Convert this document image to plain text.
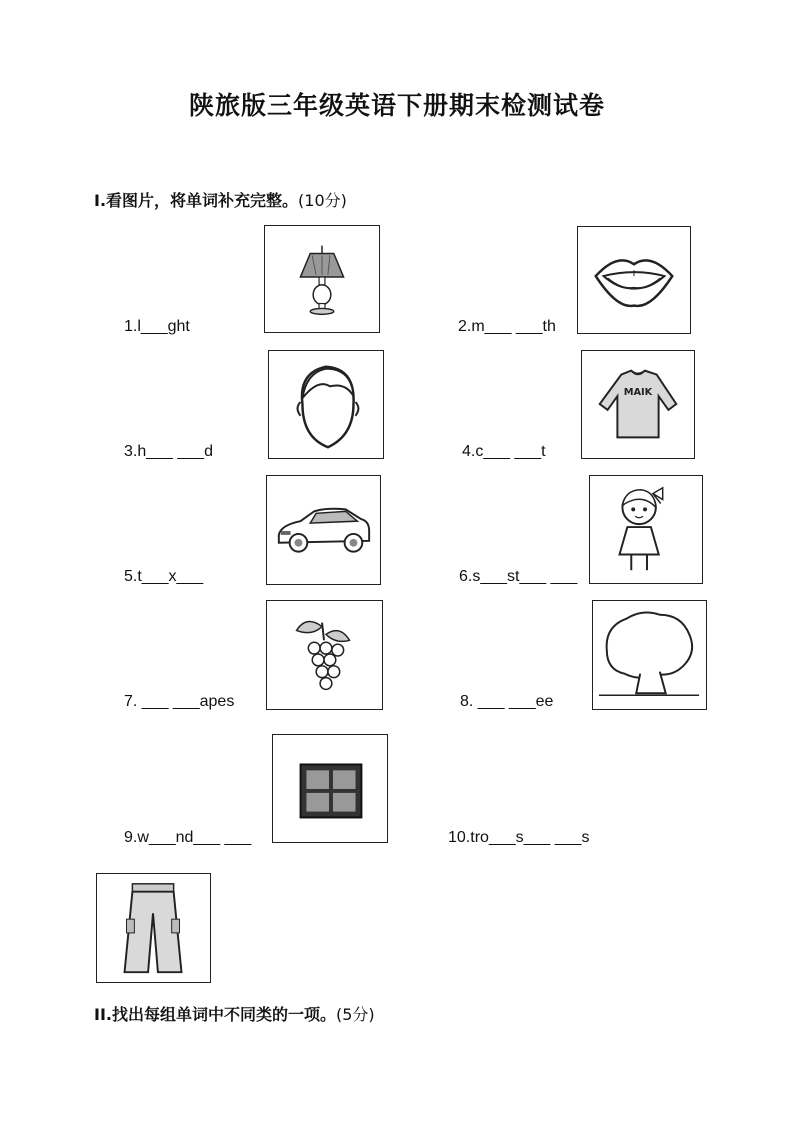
陕旅版三年级英语下册期末检测试卷
I.看图片，将单词补充完整。(10分)
1.l___ght	2.m___ ___th
3.h___ ___d	4.c___ ___t
5.t___x___	6.s___st___ ___
7. ___ ___apes	8. ___ ___ee
9.w___nd___ ___	10.tro___s___ ___s
MAIK
II.找出每组单词中不同类的一项。(5分)
